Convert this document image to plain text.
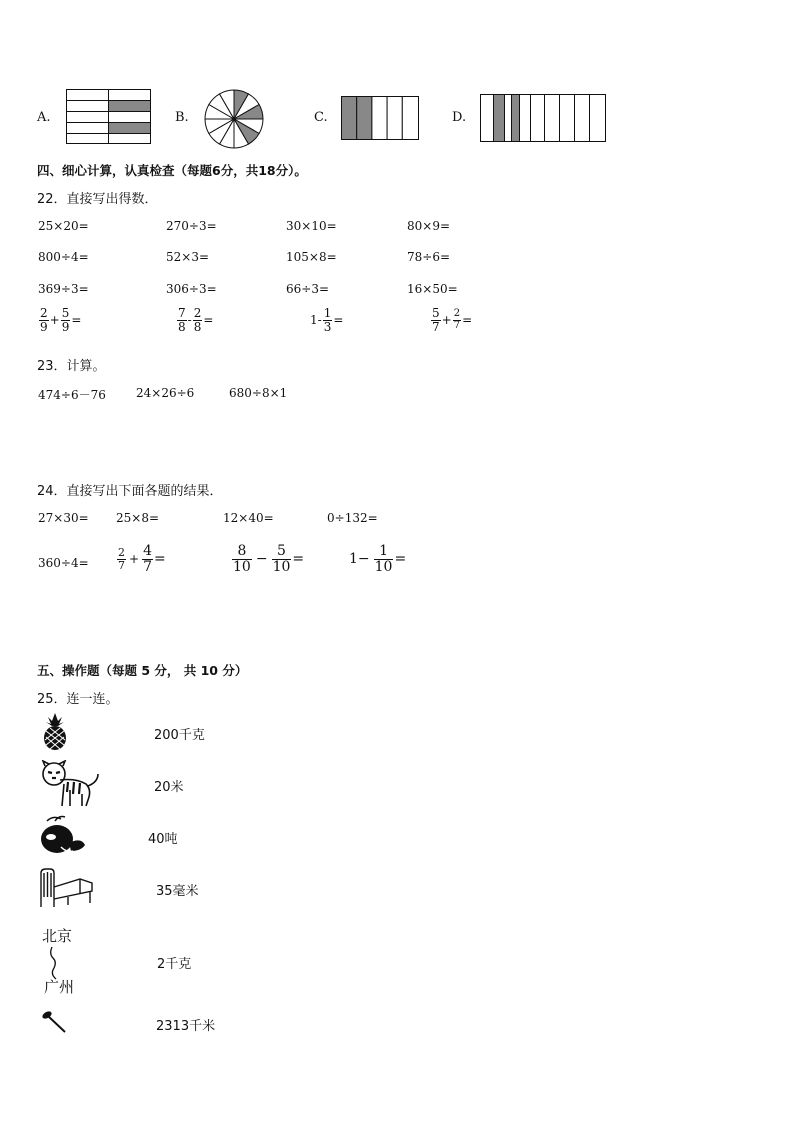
A.	B.	C.	D.
四、细心计算，认真检查（每题6分，共18分）。
22．直接写出得数．
25×20=	270÷3=	30×10=	80×9=
800÷4=	52×3=	105×8=	78÷6=
369÷3=	306÷3=	66÷3=	16×50=
$\frac{2}{9} + \frac{5}{9}$ =	$\frac{7}{8} - \frac{2}{8}$ =	$1- \frac{1}{3}$ =	$\frac{5}{7} + \frac{2}{7}$ =
23．计算。
474÷6－76	24×26÷6	680÷8×1
24．直接写出下面各题的结果．
27×30= 25×8=	12×40=	0÷132=
360÷4=	$\frac{2}{7} + \frac{4}{7}$ =	$\frac{8}{10} - \frac{5}{10}$ =	$1- \frac{1}{10}$ =
五、操作题（每题 5 分， 共 10 分）
25．连一连。
200千克
20米
40吨
35毫米
北京
广州
2千克
2313千米
